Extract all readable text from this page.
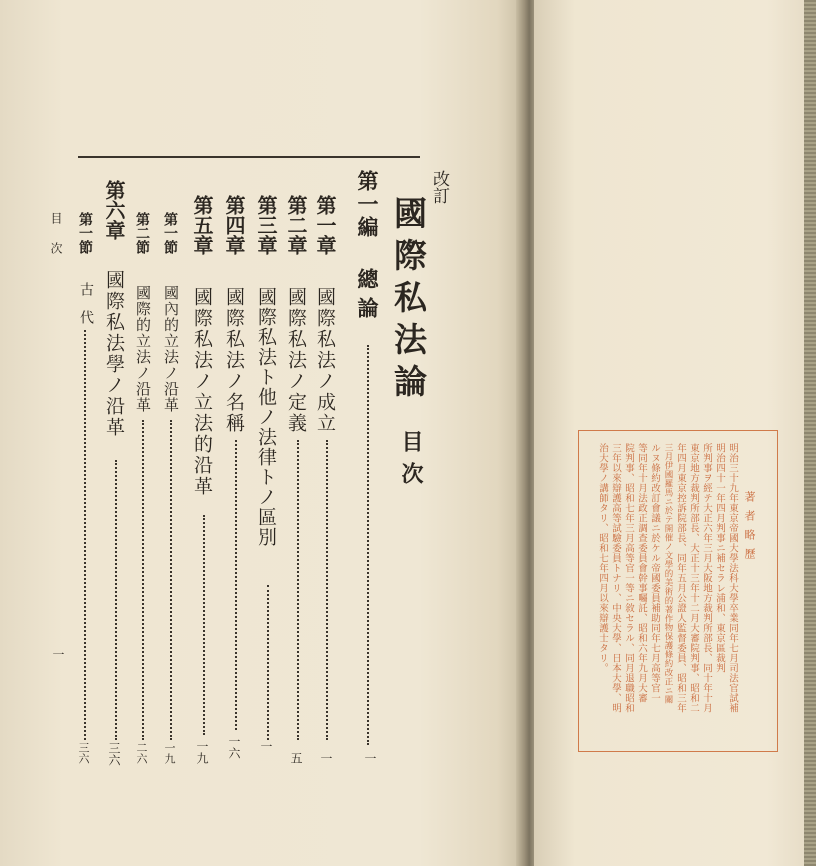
改訂
國際私法論
目次
第一編
總論
一
第一章
國際私法ノ成立
一
第二章
國際私法ノ定義
五
第三章
國際私法ト他ノ法律トノ區別
一
第四章
國際私法ノ名稱
一六
第五章
國際私法ノ立法的沿革
一九
第一節
國內的立法ノ沿革
一九
第二節
國際的立法ノ沿革
二六
第六章
國際私法學ノ沿革
三六
第一節
古代
三六
目次
一
著者略歷
明治三十九年東京帝國大學法科大學卒業同年七月司法官試補
明治四十一年四月判事ニ補セラレ浦和、東京區裁判
所判事ヲ經テ大正六年三月大阪地方裁判所部長、同十年十月
東京地方裁判所部長、大正十三年十二月大審院判事、昭和二
年四月東京控訴院部長、同年五月公證人監督委員、昭和三年
三月伊國羅馬ニ於テ開催ノ文學的美術的著作物保護條約改正ニ關
ルヌ條約改訂會議ニ於ケル帝國委員補助同年七月高等官一
等同年十月法政正調查委員會幹事囑託、昭和六年九月大審
院判事、昭和七年三月高等官一等ニ敘セラル、同月退職昭和
三年以來辯護高等試驗委員トナリ、中央大學、日本大學、明
治大學ノ講師タリ、昭和七年四月以來辯護士タリ。
